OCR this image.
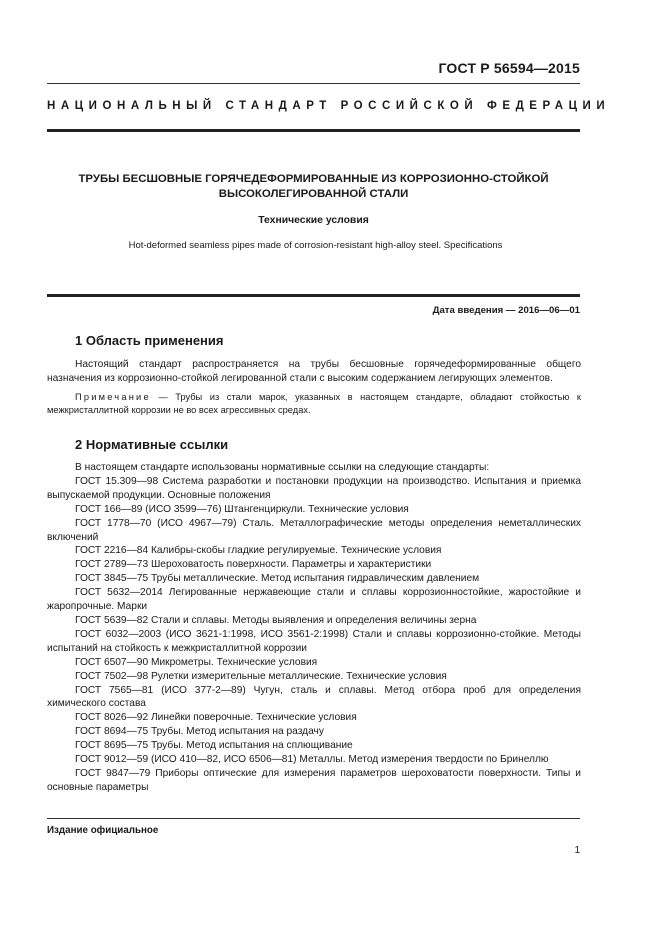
ГОСТ Р 56594—2015
НАЦИОНАЛЬНЫЙ СТАНДАРТ РОССИЙСКОЙ ФЕДЕРАЦИИ
ТРУБЫ БЕСШОВНЫЕ ГОРЯЧЕДЕФОРМИРОВАННЫЕ ИЗ КОРРОЗИОННО-СТОЙКОЙ
ВЫСОКОЛЕГИРОВАННОЙ СТАЛИ
Технические условия
Hot-deformed seamless pipes made of corrosion-resistant high-alloy steel. Specifications
Дата введения — 2016—06—01
1 Область применения
Настоящий стандарт распространяется на трубы бесшовные горячедеформированные общего назначения из коррозионно-стойкой легированной стали с высоким содержанием легирующих элементов.
Примечание — Трубы из стали марок, указанных в настоящем стандарте, обладают стойкостью к межкристаллитной коррозии не во всех агрессивных средах.
2 Нормативные ссылки
В настоящем стандарте использованы нормативные ссылки на следующие стандарты:
ГОСТ 15.309—98 Система разработки и постановки продукции на производство. Испытания и приемка выпускаемой продукции. Основные положения
ГОСТ 166—89 (ИСО 3599—76) Штангенциркули. Технические условия
ГОСТ 1778—70 (ИСО 4967—79) Сталь. Металлографические методы определения неметаллических включений
ГОСТ 2216—84 Калибры-скобы гладкие регулируемые. Технические условия
ГОСТ 2789—73 Шероховатость поверхности. Параметры и характеристики
ГОСТ 3845—75 Трубы металлические. Метод испытания гидравлическим давлением
ГОСТ 5632—2014 Легированные нержавеющие стали и сплавы коррозионностойкие, жаростойкие и жаропрочные. Марки
ГОСТ 5639—82 Стали и сплавы. Методы выявления и определения величины зерна
ГОСТ 6032—2003 (ИСО 3621-1:1998, ИСО 3561-2:1998) Стали и сплавы коррозионно-стойкие. Методы испытаний на стойкость к межкристаллитной коррозии
ГОСТ 6507—90 Микрометры. Технические условия
ГОСТ 7502—98 Рулетки измерительные металлические. Технические условия
ГОСТ 7565—81 (ИСО 377-2—89) Чугун, сталь и сплавы. Метод отбора проб для определения химического состава
ГОСТ 8026—92 Линейки поверочные. Технические условия
ГОСТ 8694—75 Трубы. Метод испытания на раздачу
ГОСТ 8695—75 Трубы. Метод испытания на сплющивание
ГОСТ 9012—59 (ИСО 410—82, ИСО 6506—81) Металлы. Метод измерения твердости по Бринеллю
ГОСТ 9847—79 Приборы оптические для измерения параметров шероховатости поверхности. Типы и основные параметры
Издание официальное
1
